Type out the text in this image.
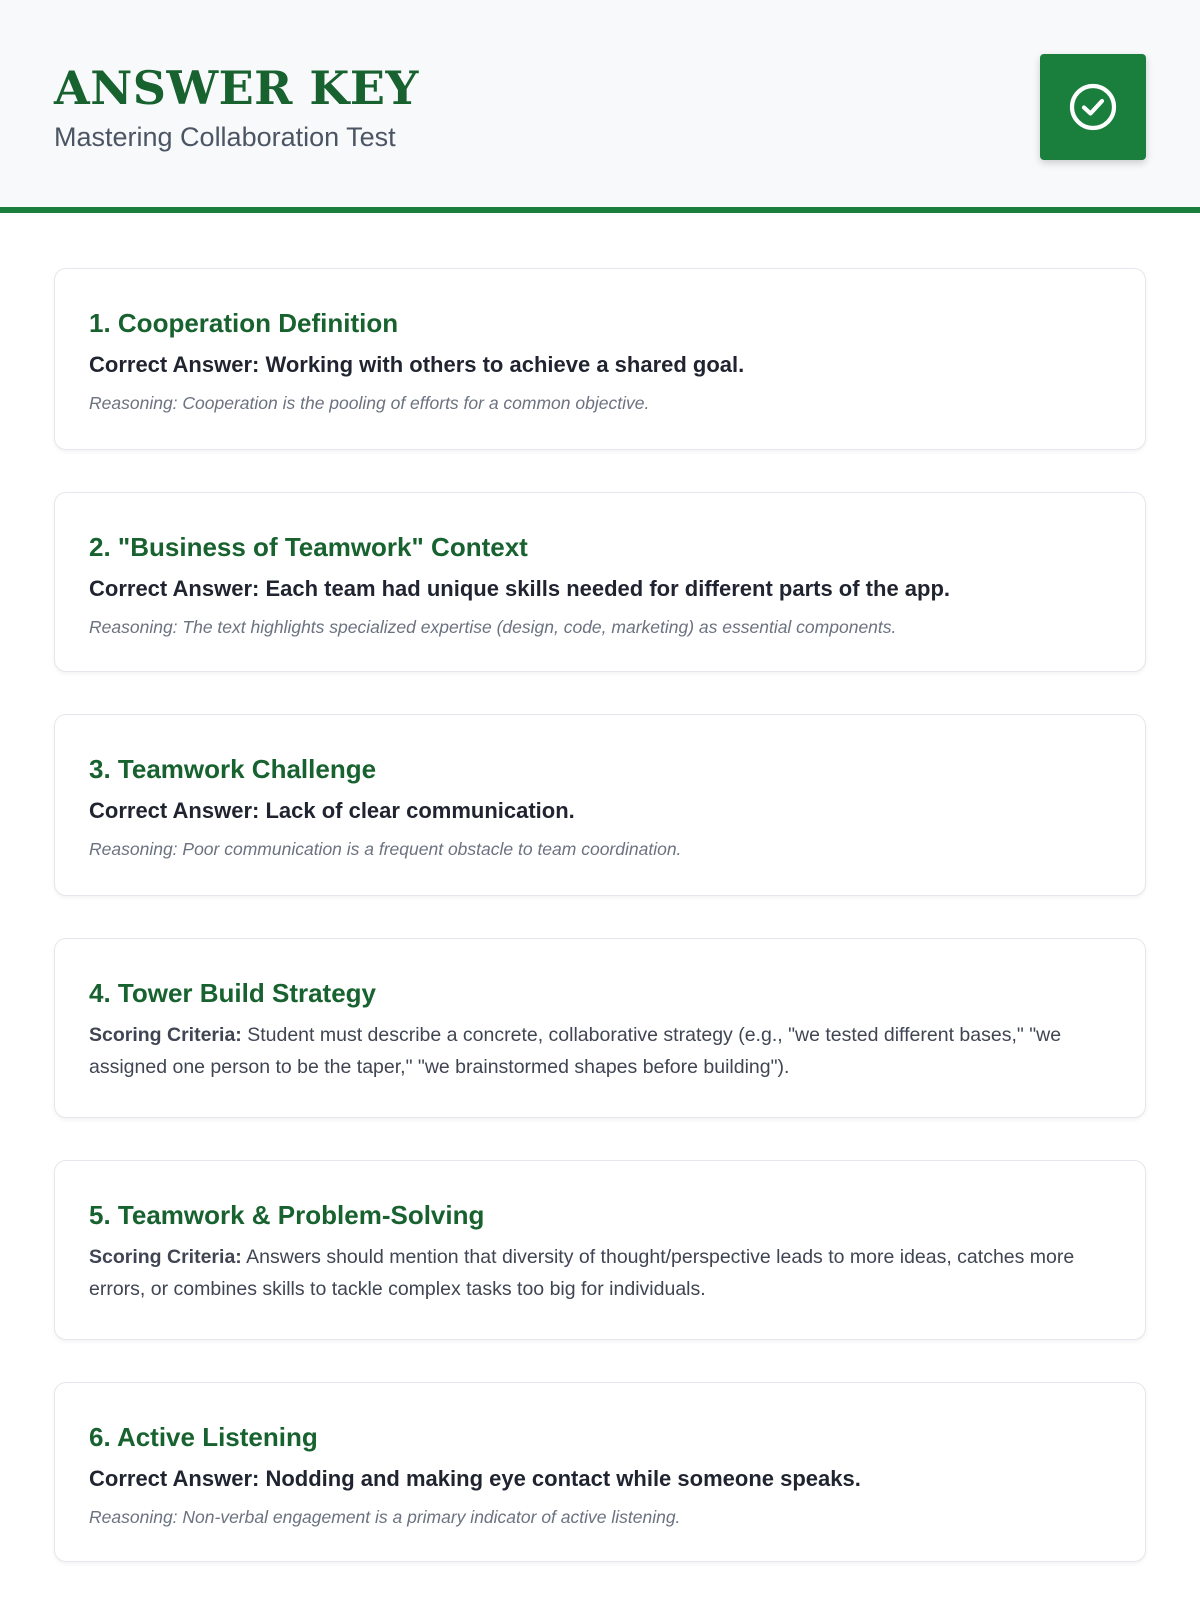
ANSWER KEY

Mastering Collaboration Test

1. Cooperation Definition

Correct Answer: Working with others to achieve a shared goal.

Reasoning: Cooperation is the pooling of efforts for a common objective.

2. "Business of Teamwork" Context

Correct Answer: Each team had unique skills needed for different parts of the app.

Reasoning: The text highlights specialized expertise (design, code, marketing) as essential components.

3. Teamwork Challenge

Correct Answer: Lack of clear communication.

Reasoning: Poor communication is a frequent obstacle to team coordination.

4. Tower Build Strategy

Scoring Criteria: Student must describe a concrete, collaborative strategy (e.g., "we tested different bases," "we assigned one person to be the taper," "we brainstormed shapes before building").

5. Teamwork & Problem-Solving

Scoring Criteria: Answers should mention that diversity of thought/perspective leads to more ideas, catches more errors, or combines skills to tackle complex tasks too big for individuals.

6. Active Listening

Correct Answer: Nodding and making eye contact while someone speaks.

Reasoning: Non-verbal engagement is a primary indicator of active listening.
